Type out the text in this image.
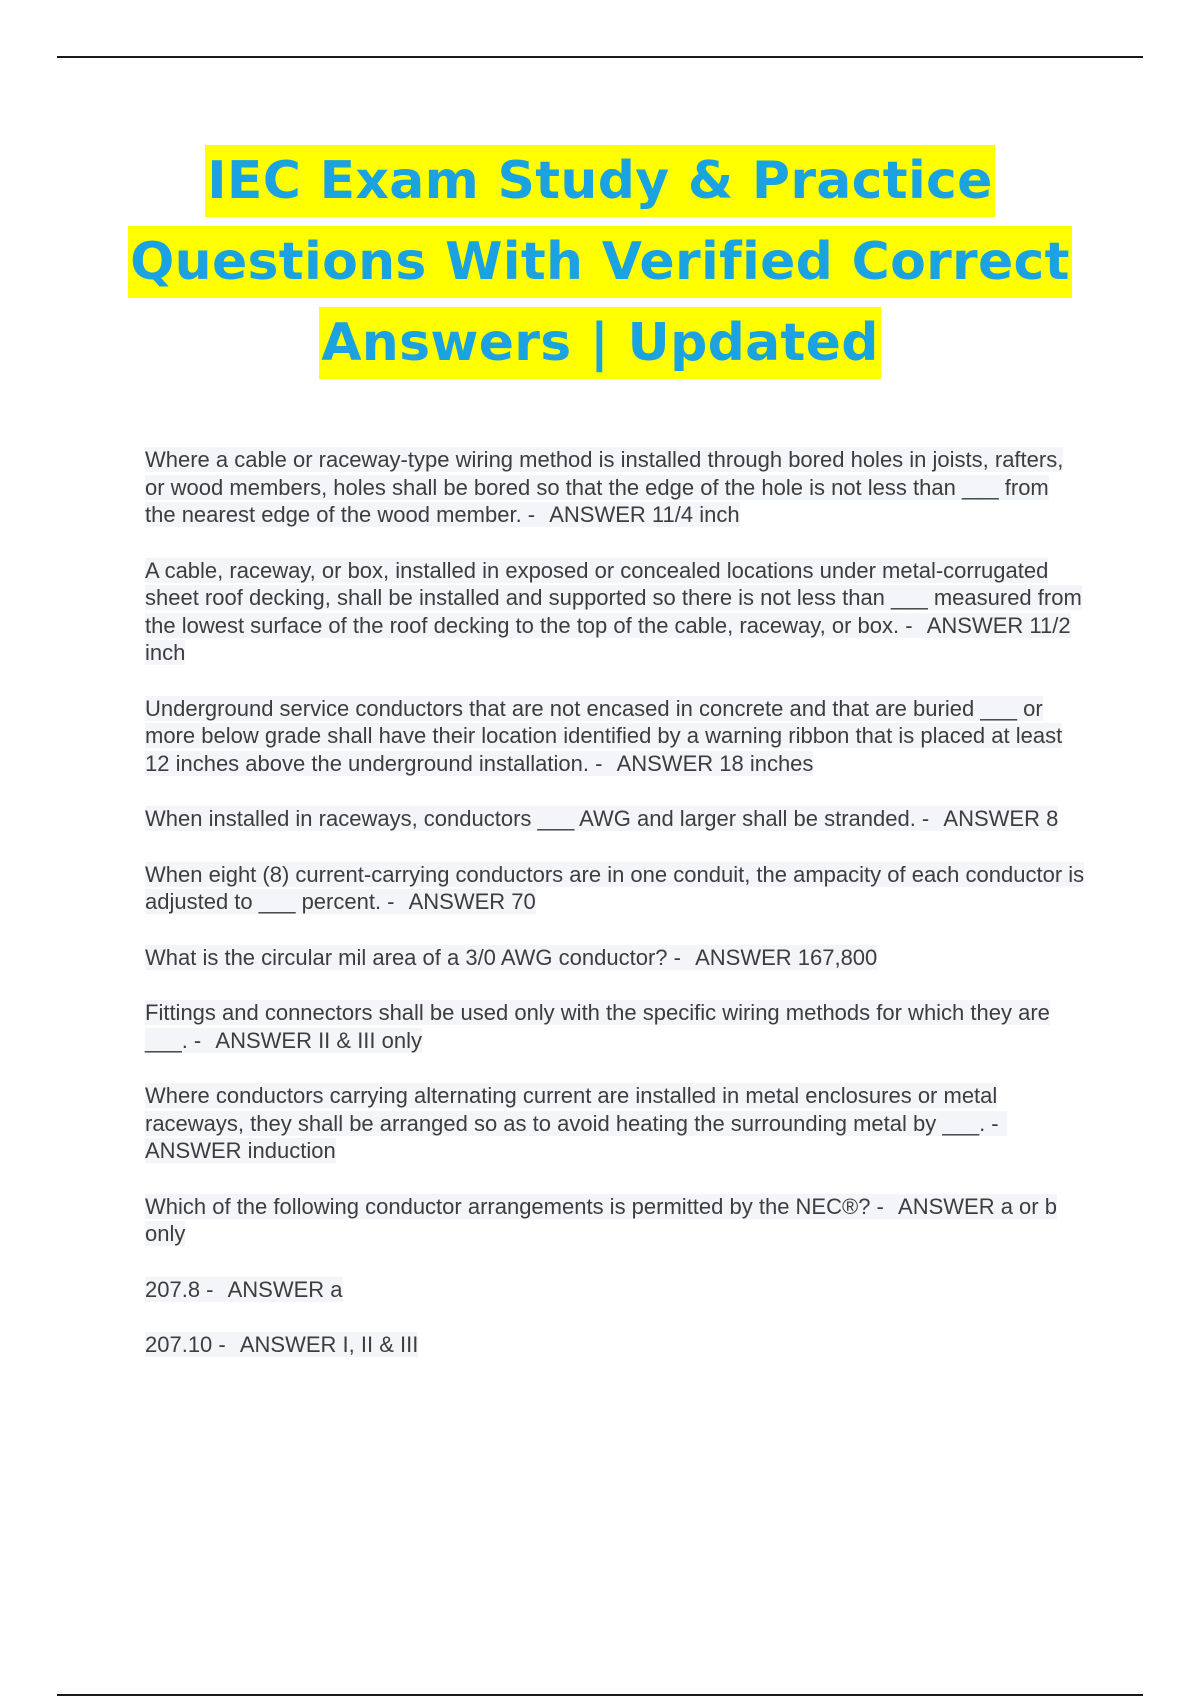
IEC Exam Study & Practice
Questions With Verified Correct
Answers | Updated

Where a cable or raceway-type wiring method is installed through bored holes in joists, rafters, or wood members, holes shall be bored so that the edge of the hole is not less than ___ from the nearest edge of the wood member. - ANSWER 11/4 inch

A cable, raceway, or box, installed in exposed or concealed locations under metal-corrugated sheet roof decking, shall be installed and supported so there is not less than ___ measured from the lowest surface of the roof decking to the top of the cable, raceway, or box. - ANSWER 11/2 inch

Underground service conductors that are not encased in concrete and that are buried ___ or more below grade shall have their location identified by a warning ribbon that is placed at least 12 inches above the underground installation. - ANSWER 18 inches

When installed in raceways, conductors ___ AWG and larger shall be stranded. - ANSWER 8

When eight (8) current-carrying conductors are in one conduit, the ampacity of each conductor is adjusted to ___ percent. - ANSWER 70

What is the circular mil area of a 3/0 AWG conductor? - ANSWER 167,800

Fittings and connectors shall be used only with the specific wiring methods for which they are ___. - ANSWER II & III only

Where conductors carrying alternating current are installed in metal enclosures or metal raceways, they shall be arranged so as to avoid heating the surrounding metal by ___. - ANSWER induction

Which of the following conductor arrangements is permitted by the NEC®? - ANSWER a or b only

207.8 - ANSWER a

207.10 - ANSWER I, II & III
